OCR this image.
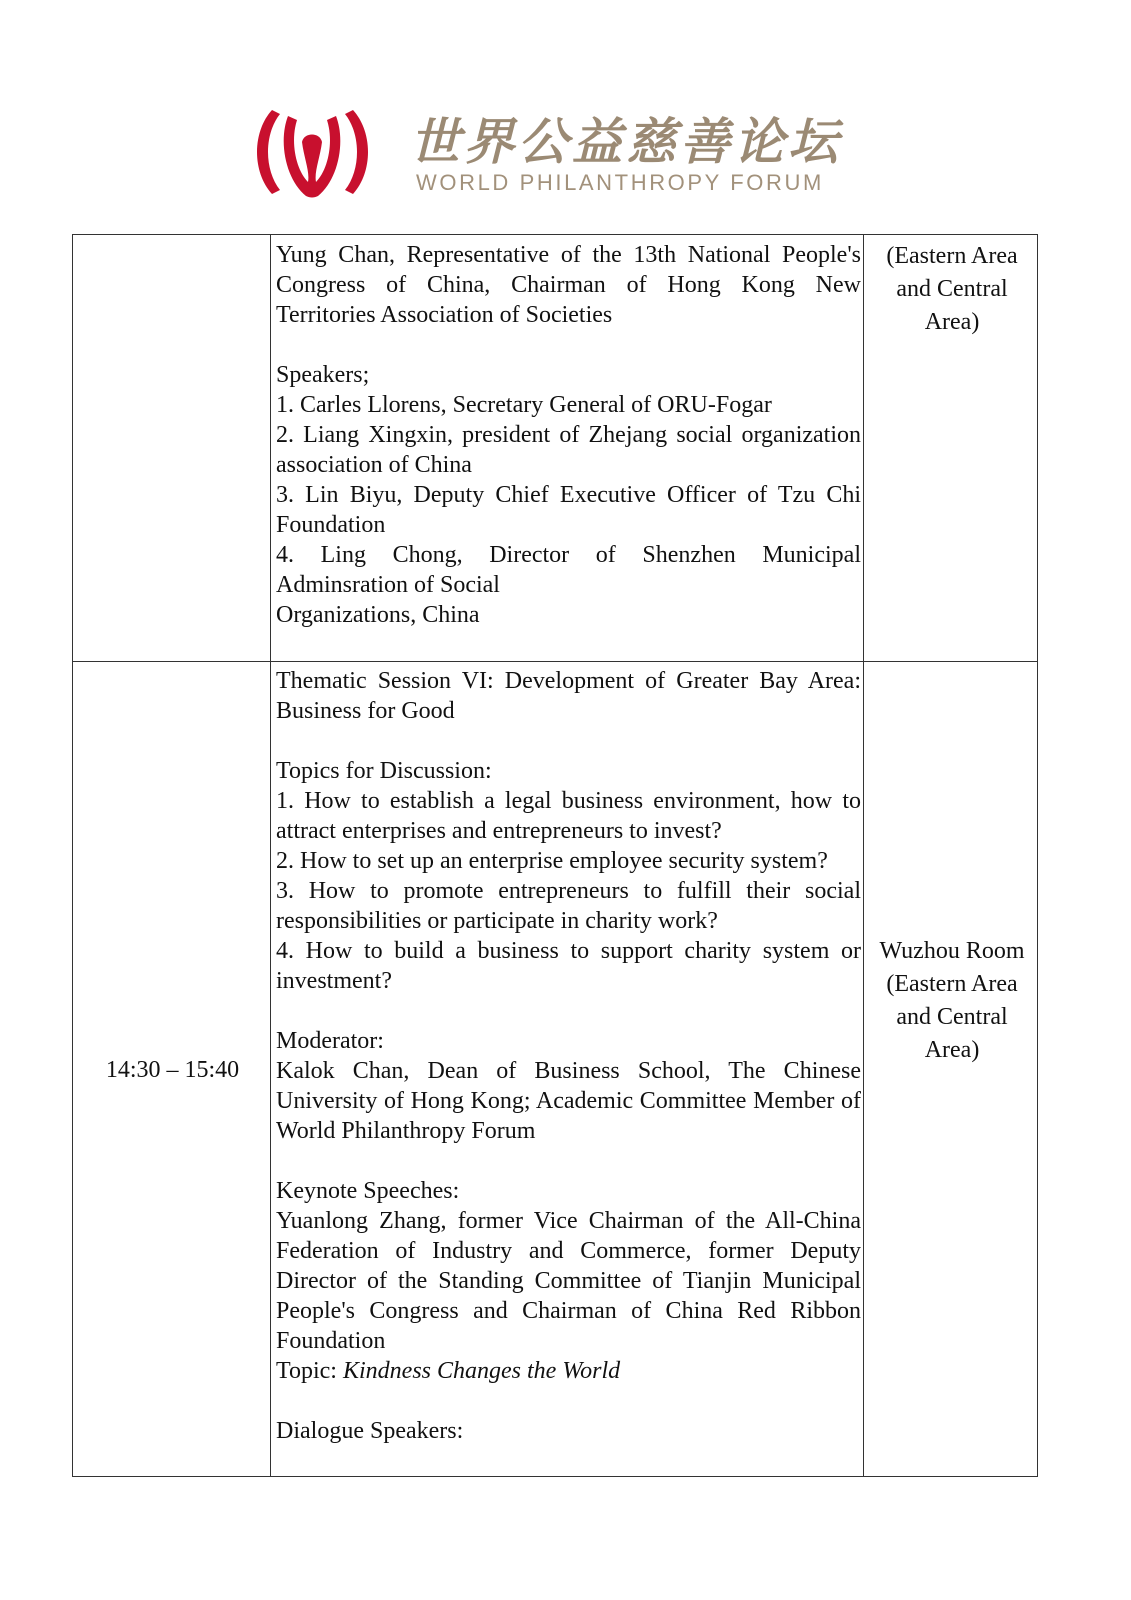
世界公益慈善论坛
WORLD PHILANTHROPY FORUM

Yung Chan, Representative of the 13th National People's Congress of China, Chairman of Hong Kong New Territories Association of Societies

Speakers;

1. Carles Llorens, Secretary General of ORU-Fogar

2. Liang Xingxin, president of Zhejang social organization association of China

3. Lin Biyu, Deputy Chief Executive Officer of Tzu Chi Foundation

4. Ling Chong, Director of Shenzhen Municipal Adminsration of Social

Organizations, China

(Eastern Area
and Central
Area)
14:30 – 15:40

Thematic Session VI: Development of Greater Bay Area: Business for Good

Topics for Discussion:

1. How to establish a legal business environment, how to attract enterprises and entrepreneurs to invest?

2. How to set up an enterprise employee security system?

3. How to promote entrepreneurs to fulfill their social responsibilities or participate in charity work?

4. How to build a business to support charity system or investment?

Moderator:

Kalok Chan, Dean of Business School, The Chinese University of Hong Kong; Academic Committee Member of World Philanthropy Forum

Keynote Speeches:

Yuanlong Zhang, former Vice Chairman of the All-China Federation of Industry and Commerce, former Deputy Director of the Standing Committee of Tianjin Municipal People's Congress and Chairman of China Red Ribbon Foundation

Topic: Kindness Changes the World

Dialogue Speakers:

Wuzhou Room
(Eastern Area
and Central
Area)
